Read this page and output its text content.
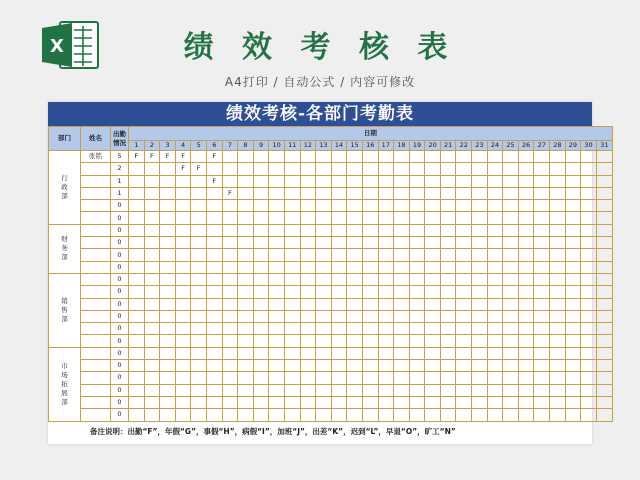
X	绩 效 考 核 表
A4打印 / 自动公式 / 内容可修改
绩效考核-各部门考勤表
部门	姓名	出勤情况	日期																														
			1	2	3	4	5	6	7	8	9	10	11	12	13	14	15	16	17	18	19	20	21	22	23	24	25	26	27	28	29	30	31

行
政
部	张铭	5	F	F	F	F		F																									
		2				F	F																										
		1						F																									
		1							F																								
		0																															
		0																															

财
务
部		0																															
		0																															
		0																															
		0																															

销
售
部		0																															
		0																															
		0																															
		0																															
		0																															
		0																															

市
场
拓
展
部		0																															
		0																															
		0																															
		0																															
		0																															
		0																															
备注说明：出勤“F”，年假“G”，事假“H”，病假“I”，加班“J”，出差“K”，迟到“L”，早退“O”，旷工“N”
